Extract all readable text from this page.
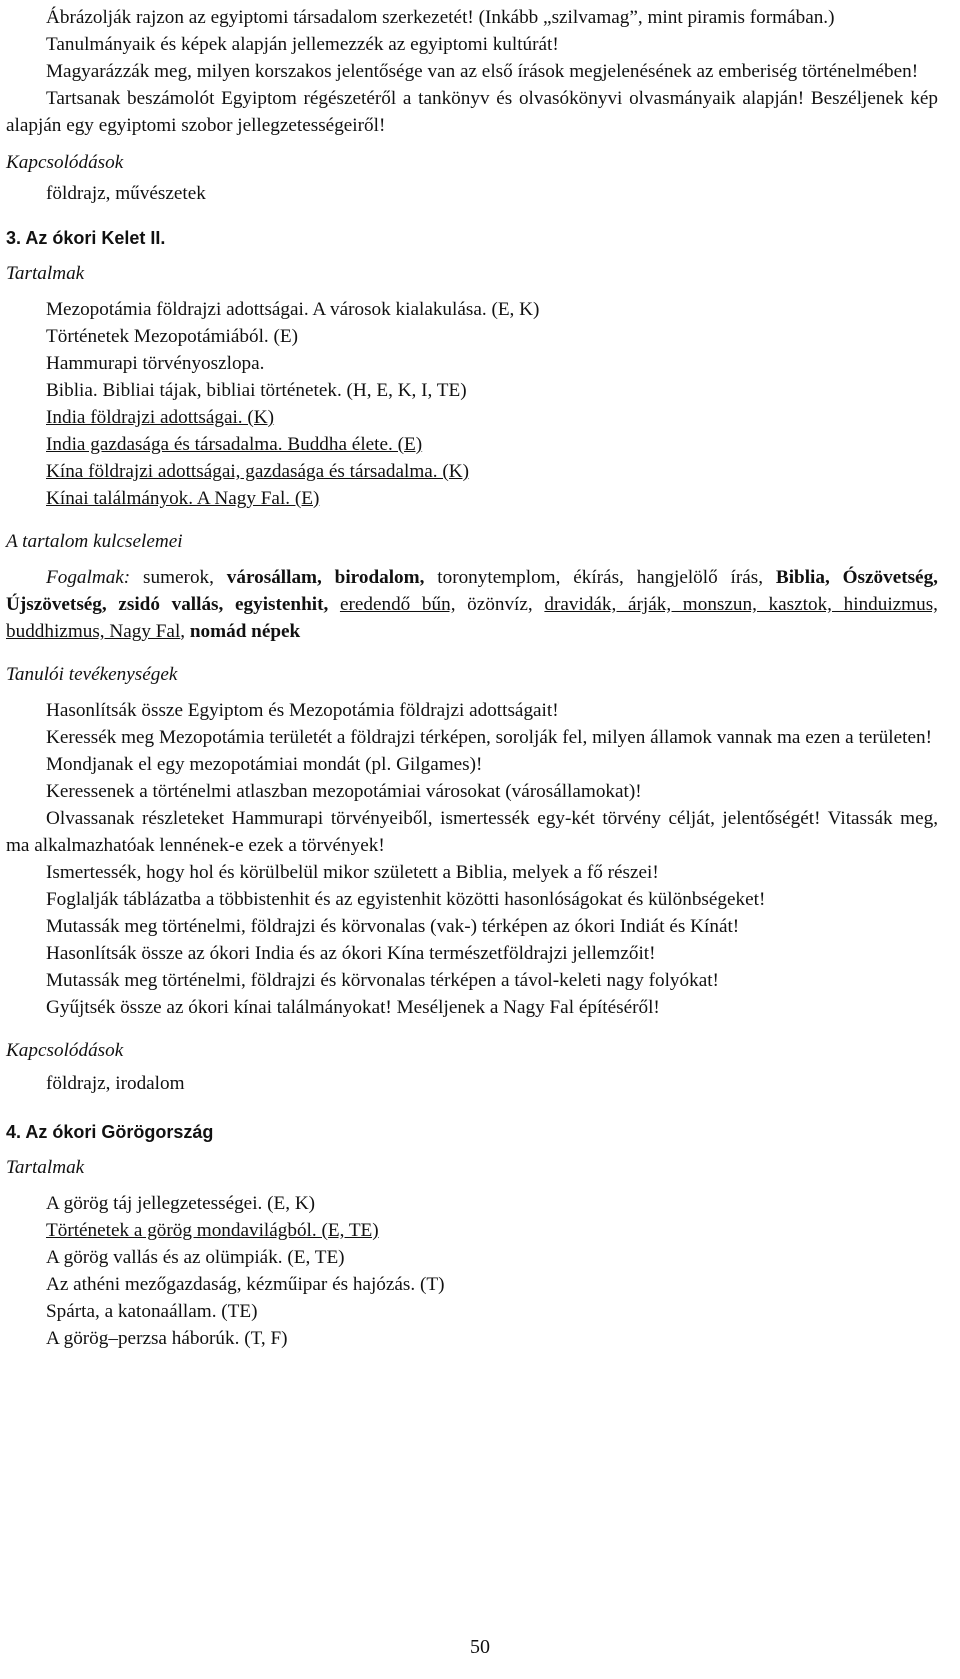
Ábrázolják rajzon az egyiptomi társadalom szerkezetét! (Inkább „szilvamag”, mint piramis formában.)

Tanulmányaik és képek alapján jellemezzék az egyiptomi kultúrát!

Magyarázzák meg, milyen korszakos jelentősége van az első írások megjelenésének az emberiség történelmében!

Tartsanak beszámolót Egyiptom régészetéről a tankönyv és olvasókönyvi olvasmányaik alapján! Beszéljenek kép alapján egy egyiptomi szobor jellegzetességeiről!

Kapcsolódások

földrajz, művészetek

3. Az ókori Kelet II.

Tartalmak

Mezopotámia földrajzi adottságai. A városok kialakulása. (E, K)

Történetek Mezopotámiából. (E)

Hammurapi törvényoszlopa.

Biblia. Bibliai tájak, bibliai történetek. (H, E, K, I, TE)

India földrajzi adottságai. (K)

India gazdasága és társadalma. Buddha élete. (E)

Kína földrajzi adottságai, gazdasága és társadalma. (K)

Kínai találmányok. A Nagy Fal. (E)

A tartalom kulcselemei

Fogalmak: sumerok, városállam, birodalom, toronytemplom, ékírás, hangjelölő írás, Biblia, Ószövetség, Újszövetség, zsidó vallás, egyistenhit, eredendő bűn, özönvíz, dravidák, árják, monszun, kasztok, hinduizmus, buddhizmus, Nagy Fal, nomád népek

Tanulói tevékenységek

Hasonlítsák össze Egyiptom és Mezopotámia földrajzi adottságait!

Keressék meg Mezopotámia területét a földrajzi térképen, sorolják fel, milyen államok vannak ma ezen a területen!

Mondjanak el egy mezopotámiai mondát (pl. Gilgames)!

Keressenek a történelmi atlaszban mezopotámiai városokat (városállamokat)!

Olvassanak részleteket Hammurapi törvényeiből, ismertessék egy-két törvény célját, jelentőségét! Vitassák meg, ma alkalmazhatóak lennének-e ezek a törvények!

Ismertessék, hogy hol és körülbelül mikor született a Biblia, melyek a fő részei!

Foglalják táblázatba a többistenhit és az egyistenhit közötti hasonlóságokat és különbségeket!

Mutassák meg történelmi, földrajzi és körvonalas (vak-) térképen az ókori Indiát és Kínát!

Hasonlítsák össze az ókori India és az ókori Kína természetföldrajzi jellemzőit!

Mutassák meg történelmi, földrajzi és körvonalas térképen a távol-keleti nagy folyókat!

Gyűjtsék össze az ókori kínai találmányokat! Meséljenek a Nagy Fal építéséről!

Kapcsolódások

földrajz, irodalom

4. Az ókori Görögország

Tartalmak

A görög táj jellegzetességei. (E, K)

Történetek a görög mondavilágból. (E, TE)

A görög vallás és az olümpiák. (E, TE)

Az athéni mezőgazdaság, kézműipar és hajózás. (T)

Spárta, a katonaállam. (TE)

A görög–perzsa háborúk. (T, F)

50
